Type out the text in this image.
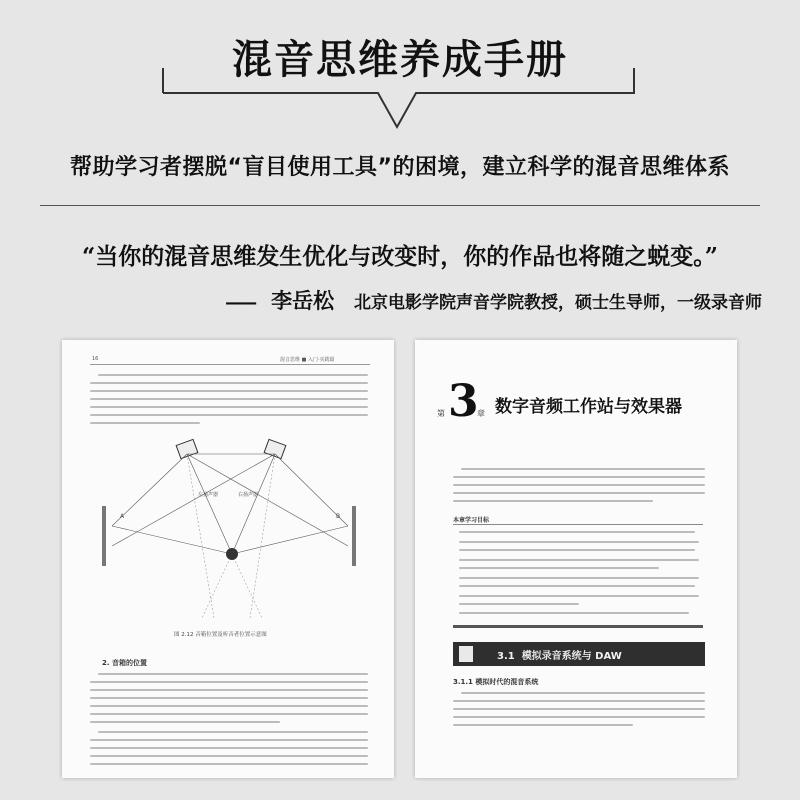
混音思维养成手册
帮助学习者摆脱“盲目使用工具”的困境，建立科学的混音思维体系
“当你的混音思维发生优化与改变时，你的作品也将随之蜕变。”
—— 李岳松 北京电影学院声音学院教授，硕士生导师，一级录音师
16	混音思维 ■ 入门·实践篇
A	B
左扬声器	右扬声器
图 2.12 音箱位置及听音者位置示意图
2. 音箱的位置
第 3
章 数字音频工作站与效果器
本章学习目标
3.1 模拟录音系统与 DAW
3.1.1 模拟时代的混音系统
